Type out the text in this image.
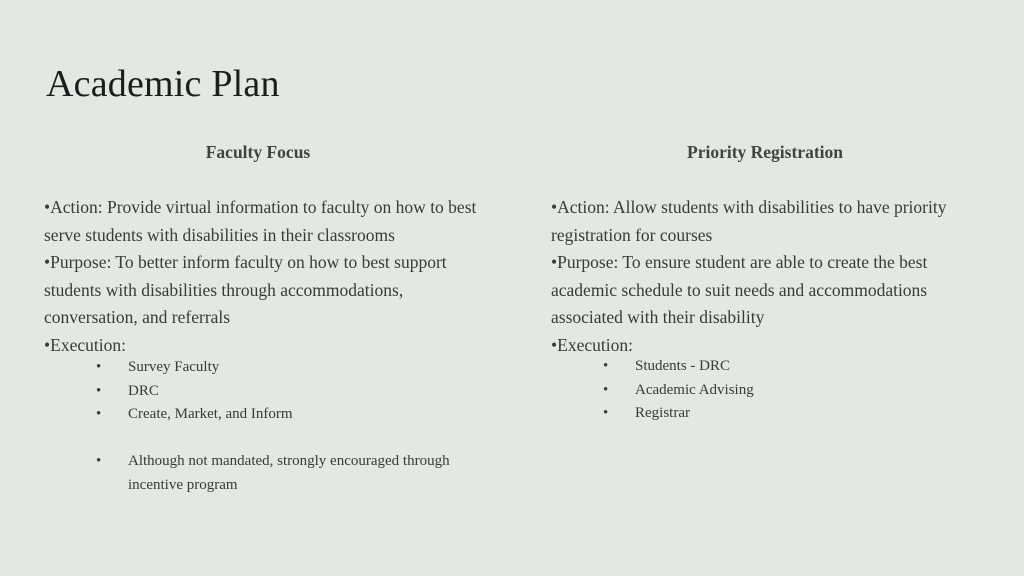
Academic Plan
Faculty Focus
•Action: Provide virtual information to faculty on how to best serve students with disabilities in their classrooms
•Purpose: To better inform faculty on how to best support students with disabilities through accommodations, conversation, and referrals
•Execution:
• Survey Faculty
• DRC
• Create, Market, and Inform
• Although not mandated, strongly encouraged through incentive program
Priority Registration
•Action: Allow students with disabilities to have priority registration for courses
•Purpose: To ensure student are able to create the best academic schedule to suit needs and accommodations associated with their disability
•Execution:
• Students - DRC
• Academic Advising
• Registrar
